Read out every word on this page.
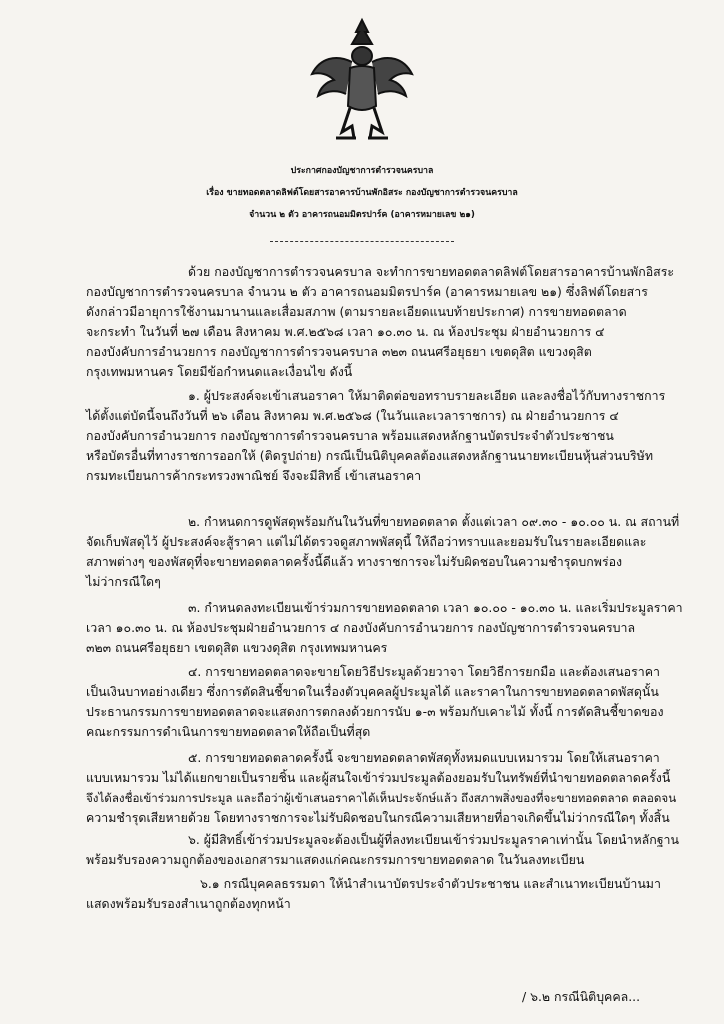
ประกาศกองบัญชาการตำรวจนครบาล
เรื่อง ขายทอดตลาดลิฟต์โดยสารอาคารบ้านพักอิสระ กองบัญชาการตำรวจนครบาล
จำนวน ๒ ตัว อาคารถนอมมิตรปาร์ค (อาคารหมายเลข ๒๑)
ด้วย กองบัญชาการตำรวจนครบาล จะทำการขายทอดตลาดลิฟต์โดยสารอาคารบ้านพักอิสระ
กองบัญชาการตำรวจนครบาล จำนวน ๒ ตัว อาคารถนอมมิตรปาร์ค (อาคารหมายเลข ๒๑) ซึ่งลิฟต์โดยสาร
ดังกล่าวมีอายุการใช้งานมานานและเสื่อมสภาพ (ตามรายละเอียดแนบท้ายประกาศ) การขายทอดตลาด
จะกระทำ ในวันที่ ๒๗ เดือน สิงหาคม พ.ศ.๒๕๖๘ เวลา ๑๐.๓๐ น. ณ ห้องประชุม ฝ่ายอำนวยการ ๔
กองบังคับการอำนวยการ กองบัญชาการตำรวจนครบาล ๓๒๓ ถนนศรีอยุธยา เขตดุสิต แขวงดุสิต
กรุงเทพมหานคร โดยมีข้อกำหนดและเงื่อนไข ดังนี้
๑. ผู้ประสงค์จะเข้าเสนอราคา ให้มาติดต่อขอทราบรายละเอียด และลงชื่อไว้กับทางราชการ
ได้ตั้งแต่บัดนี้จนถึงวันที่ ๒๖ เดือน สิงหาคม พ.ศ.๒๕๖๘ (ในวันและเวลาราชการ) ณ ฝ่ายอำนวยการ ๔
กองบังคับการอำนวยการ กองบัญชาการตำรวจนครบาล พร้อมแสดงหลักฐานบัตรประจำตัวประชาชน
หรือบัตรอื่นที่ทางราชการออกให้ (ติดรูปถ่าย) กรณีเป็นนิติบุคคลต้องแสดงหลักฐานนายทะเบียนหุ้นส่วนบริษัท
กรมทะเบียนการค้ากระทรวงพาณิชย์ จึงจะมีสิทธิ์ เข้าเสนอราคา
๒. กำหนดการดูพัสดุพร้อมกันในวันที่ขายทอดตลาด ตั้งแต่เวลา ๐๙.๓๐ - ๑๐.๐๐ น. ณ สถานที่
จัดเก็บพัสดุไว้ ผู้ประสงค์จะสู้ราคา แต่ไม่ได้ตรวจดูสภาพพัสดุนี้ ให้ถือว่าทราบและยอมรับในรายละเอียดและ
สภาพต่างๆ ของพัสดุที่จะขายทอดตลาดครั้งนี้ดีแล้ว ทางราชการจะไม่รับผิดชอบในความชำรุดบกพร่อง
ไม่ว่ากรณีใดๆ
๓. กำหนดลงทะเบียนเข้าร่วมการขายทอดตลาด เวลา ๑๐.๐๐ - ๑๐.๓๐ น. และเริ่มประมูลราคา
เวลา ๑๐.๓๐ น. ณ ห้องประชุมฝ่ายอำนวยการ ๔ กองบังคับการอำนวยการ กองบัญชาการตำรวจนครบาล
๓๒๓ ถนนศรีอยุธยา เขตดุสิต แขวงดุสิต กรุงเทพมหานคร
๔. การขายทอดตลาดจะขายโดยวิธีประมูลด้วยวาจา โดยวิธีการยกมือ และต้องเสนอราคา
เป็นเงินบาทอย่างเดียว ซึ่งการตัดสินชี้ขาดในเรื่องตัวบุคคลผู้ประมูลได้ และราคาในการขายทอดตลาดพัสดุนั้น
ประธานกรรมการขายทอดตลาดจะแสดงการตกลงด้วยการนับ ๑-๓ พร้อมกับเคาะไม้ ทั้งนี้ การตัดสินชี้ขาดของ
คณะกรรมการดำเนินการขายทอดตลาดให้ถือเป็นที่สุด
๕. การขายทอดตลาดครั้งนี้ จะขายทอดตลาดพัสดุทั้งหมดแบบเหมารวม โดยให้เสนอราคา
แบบเหมารวม ไม่ได้แยกขายเป็นรายชิ้น และผู้สนใจเข้าร่วมประมูลต้องยอมรับในทรัพย์ที่นำขายทอดตลาดครั้งนี้
จึงได้ลงชื่อเข้าร่วมการประมูล และถือว่าผู้เข้าเสนอราคาได้เห็นประจักษ์แล้ว ถึงสภาพสิ่งของที่จะขายทอดตลาด ตลอดจน
ความชำรุดเสียหายด้วย โดยทางราชการจะไม่รับผิดชอบในกรณีความเสียหายที่อาจเกิดขึ้นไม่ว่ากรณีใดๆ ทั้งสิ้น
๖. ผู้มีสิทธิ์เข้าร่วมประมูลจะต้องเป็นผู้ที่ลงทะเบียนเข้าร่วมประมูลราคาเท่านั้น โดยนำหลักฐาน
พร้อมรับรองความถูกต้องของเอกสารมาแสดงแก่คณะกรรมการขายทอดตลาด ในวันลงทะเบียน
๖.๑ กรณีบุคคลธรรมดา ให้นำสำเนาบัตรประจำตัวประชาชน และสำเนาทะเบียนบ้านมา
แสดงพร้อมรับรองสำเนาถูกต้องทุกหน้า
/ ๖.๒ กรณีนิติบุคคล...
